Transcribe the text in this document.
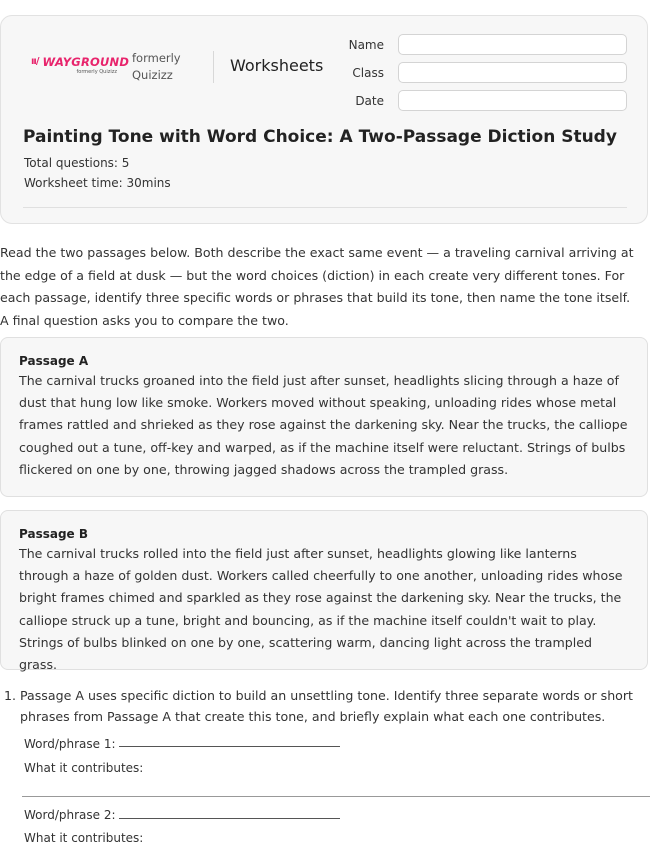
ıı/ WAYGROUND
formerly Quizizz
formerly Quizizz	Worksheets
Name
Class
Date
Painting Tone with Word Choice: A Two-Passage Diction Study
Total questions: 5
Worksheet time: 30mins
Read the two passages below. Both describe the exact same event — a traveling carnival arriving at the edge of a field at dusk — but the word choices (diction) in each create very different tones. For each passage, identify three specific words or phrases that build its tone, then name the tone itself. A final question asks you to compare the two.
Passage A
The carnival trucks groaned into the field just after sunset, headlights slicing through a haze of dust that hung low like smoke. Workers moved without speaking, unloading rides whose metal frames rattled and shrieked as they rose against the darkening sky. Near the trucks, the calliope coughed out a tune, off-key and warped, as if the machine itself were reluctant. Strings of bulbs flickered on one by one, throwing jagged shadows across the trampled grass.
Passage B
The carnival trucks rolled into the field just after sunset, headlights glowing like lanterns through a haze of golden dust. Workers called cheerfully to one another, unloading rides whose bright frames chimed and sparkled as they rose against the darkening sky. Near the trucks, the calliope struck up a tune, bright and bouncing, as if the machine itself couldn't wait to play. Strings of bulbs blinked on one by one, scattering warm, dancing light across the trampled grass.
1. Passage A uses specific diction to build an unsettling tone. Identify three separate words or short phrases from Passage A that create this tone, and briefly explain what each one contributes.
Word/phrase 1:
What it contributes:
Word/phrase 2:
What it contributes:
